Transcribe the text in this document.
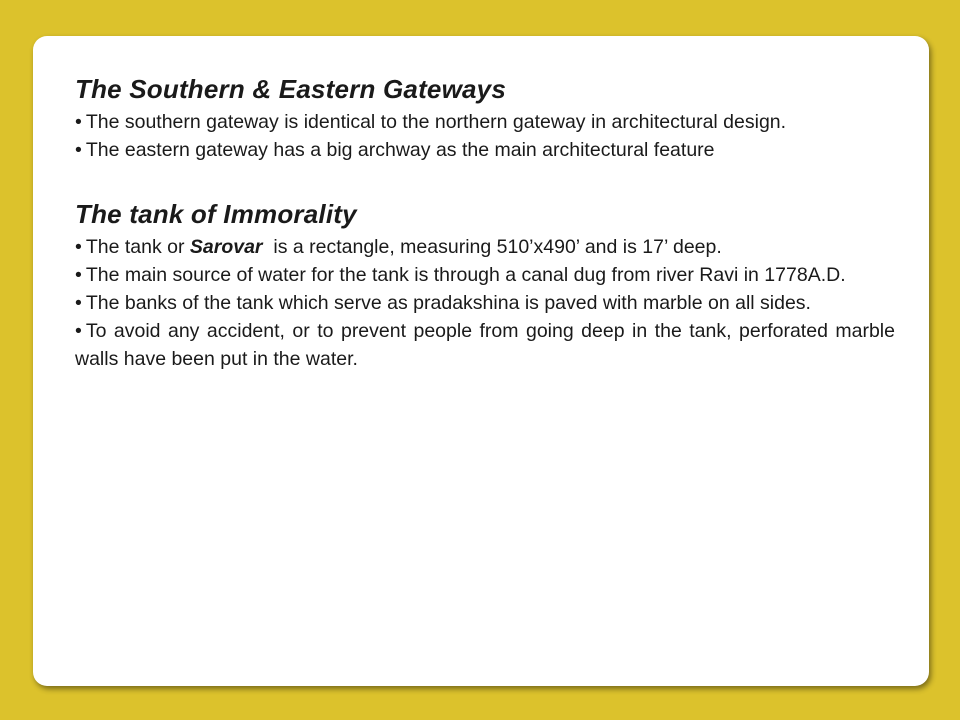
The Southern & Eastern Gateways

• The southern gateway is identical to the northern gateway in architectural design.

• The eastern gateway has a big archway as the main architectural feature

The tank of Immorality

• The tank or Sarovar  is a rectangle, measuring 510’x490’ and is 17’ deep.

• The main source of water for the tank is through a canal dug from river Ravi in 1778A.D.

• The banks of the tank which serve as pradakshina is paved with marble on all sides.

• To avoid any accident, or to prevent people from going deep in the tank, perforated marble walls have been put in the water.
